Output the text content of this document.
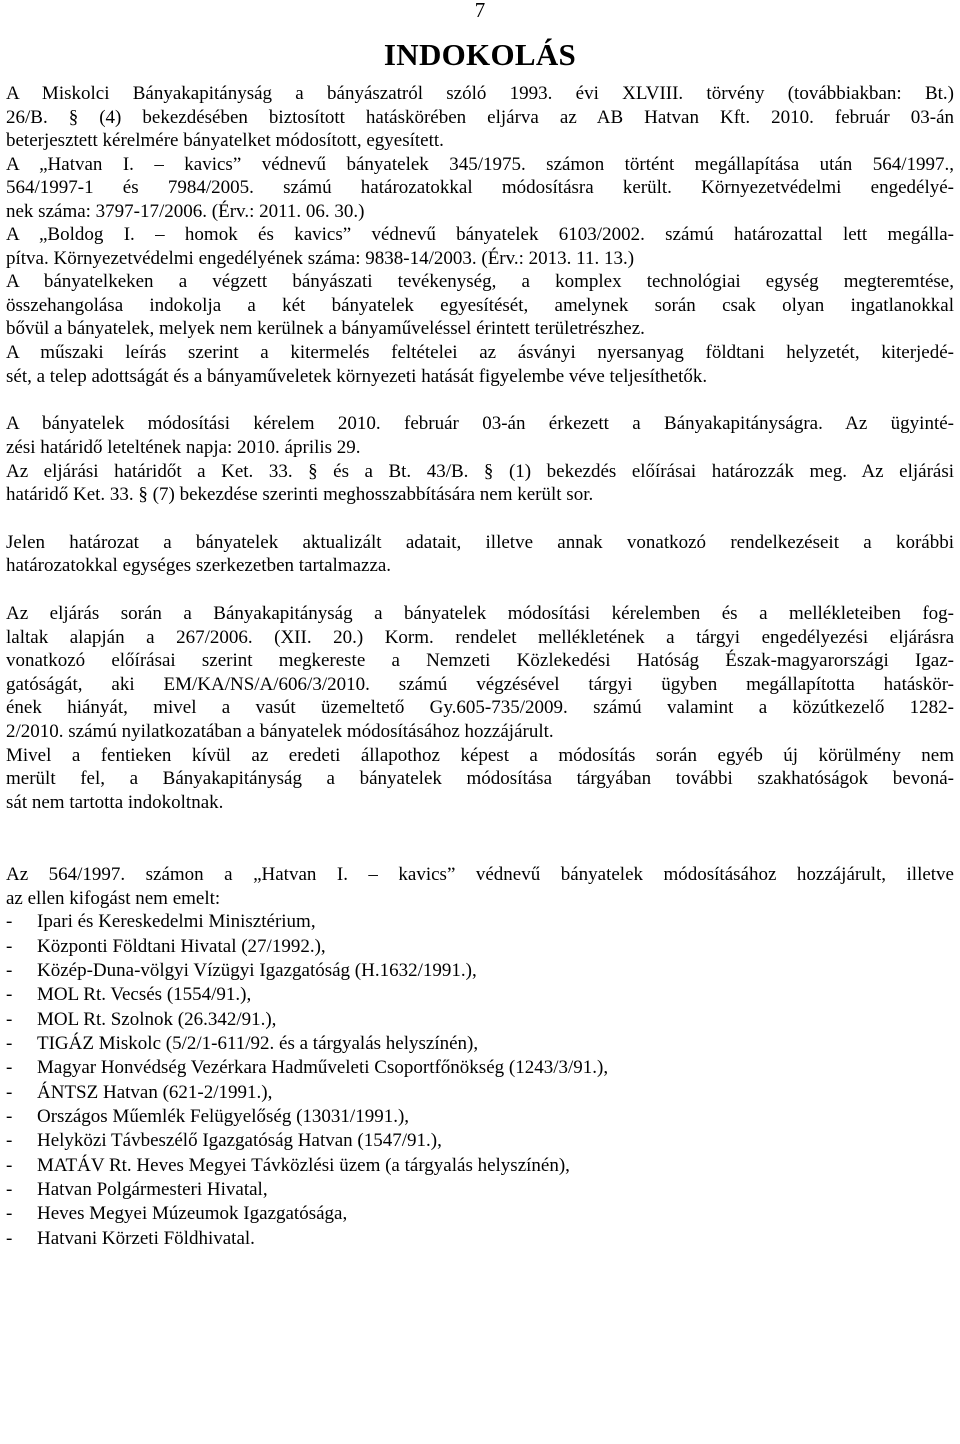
7
INDOKOLÁS
A Miskolci Bányakapitányság a bányászatról szóló 1993. évi XLVIII. törvény (továbbiakban: Bt.)
26/B. § (4) bekezdésében biztosított hatáskörében eljárva az AB Hatvan Kft. 2010. február 03-án
beterjesztett kérelmére bányatelket módosított, egyesített.
A „Hatvan I. – kavics” védnevű bányatelek 345/1975. számon történt megállapítása után 564/1997.,
564/1997-1 és 7984/2005. számú határozatokkal módosításra került. Környezetvédelmi engedélyé-
nek száma: 3797-17/2006. (Érv.: 2011. 06. 30.)
A „Boldog I. – homok és kavics” védnevű bányatelek 6103/2002. számú határozattal lett megálla-
pítva. Környezetvédelmi engedélyének száma: 9838-14/2003. (Érv.: 2013. 11. 13.)
A bányatelkeken a végzett bányászati tevékenység, a komplex technológiai egység megteremtése,
összehangolása indokolja a két bányatelek egyesítését, amelynek során csak olyan ingatlanokkal
bővül a bányatelek, melyek nem kerülnek a bányaműveléssel érintett területrészhez.
A műszaki leírás szerint a kitermelés feltételei az ásványi nyersanyag földtani helyzetét, kiterjedé-
sét, a telep adottságát és a bányaműveletek környezeti hatását figyelembe véve teljesíthetők.
A bányatelek módosítási kérelem 2010. február 03-án érkezett a Bányakapitányságra. Az ügyinté-
zési határidő leteltének napja: 2010. április 29.
Az eljárási határidőt a Ket. 33. § és a Bt. 43/B. § (1) bekezdés előírásai határozzák meg. Az eljárási
határidő Ket. 33. § (7) bekezdése szerinti meghosszabbítására nem került sor.
Jelen határozat a bányatelek aktualizált adatait, illetve annak vonatkozó rendelkezéseit a korábbi
határozatokkal egységes szerkezetben tartalmazza.
Az eljárás során a Bányakapitányság a bányatelek módosítási kérelemben és a mellékleteiben fog-
laltak alapján a 267/2006. (XII. 20.) Korm. rendelet mellékletének a tárgyi engedélyezési eljárásra
vonatkozó előírásai szerint megkereste a Nemzeti Közlekedési Hatóság Észak-magyarországi Igaz-
gatóságát, aki EM/KA/NS/A/606/3/2010. számú végzésével tárgyi ügyben megállapította hatáskör-
ének hiányát, mivel a vasút üzemeltető Gy.605-735/2009. számú valamint a közútkezelő 1282-
2/2010. számú nyilatkozatában a bányatelek módosításához hozzájárult.
Mivel a fentieken kívül az eredeti állapothoz képest a módosítás során egyéb új körülmény nem
merült fel, a Bányakapitányság a bányatelek módosítása tárgyában további szakhatóságok bevoná-
sát nem tartotta indokoltnak.
Az 564/1997. számon a „Hatvan I. – kavics” védnevű bányatelek módosításához hozzájárult, illetve
az ellen kifogást nem emelt:
- Ipari és Kereskedelmi Minisztérium,
- Központi Földtani Hivatal (27/1992.),
- Közép-Duna-völgyi Vízügyi Igazgatóság (H.1632/1991.),
- MOL Rt. Vecsés (1554/91.),
- MOL Rt. Szolnok (26.342/91.),
- TIGÁZ Miskolc (5/2/1-611/92. és a tárgyalás helyszínén),
- Magyar Honvédség Vezérkara Hadműveleti Csoportfőnökség (1243/3/91.),
- ÁNTSZ Hatvan (621-2/1991.),
- Országos Műemlék Felügyelőség (13031/1991.),
- Helyközi Távbeszélő Igazgatóság Hatvan (1547/91.),
- MATÁV Rt. Heves Megyei Távközlési üzem (a tárgyalás helyszínén),
- Hatvan Polgármesteri Hivatal,
- Heves Megyei Múzeumok Igazgatósága,
- Hatvani Körzeti Földhivatal.
